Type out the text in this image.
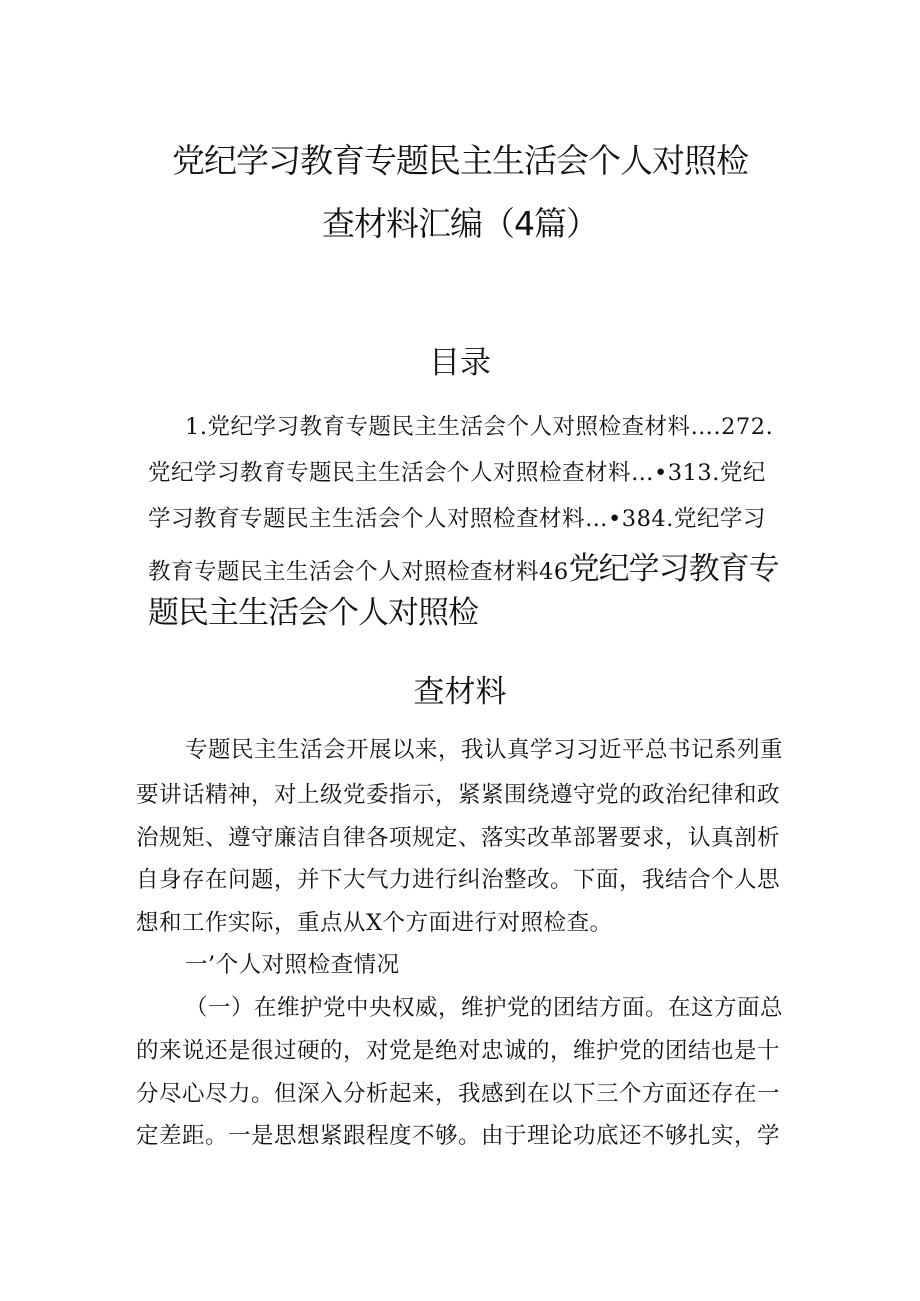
党纪学习教育专题民主生活会个人对照检
查材料汇编（4篇）
目录
1.党纪学习教育专题民主生活会个人对照检查材料….272.
党纪学习教育专题民主生活会个人对照检查材料…•313.党纪
学习教育专题民主生活会个人对照检查材料…•384.党纪学习
教育专题民主生活会个人对照检查材料46党纪学习教育专
题民主生活会个人对照检
查材料
专题民主生活会开展以来，我认真学习习近平总书记系列重
要讲话精神，对上级党委指示，紧紧围绕遵守党的政治纪律和政
治规矩、遵守廉洁自律各项规定、落实改革部署要求，认真剖析
自身存在问题，并下大气力进行纠治整改。下面，我结合个人思
想和工作实际，重点从X个方面进行对照检查。
一’个人对照检查情况
（一）在维护党中央权威，维护党的团结方面。在这方面总
的来说还是很过硬的，对党是绝对忠诚的，维护党的团结也是十
分尽心尽力。但深入分析起来，我感到在以下三个方面还存在一
定差距。一是思想紧跟程度不够。由于理论功底还不够扎实，学
